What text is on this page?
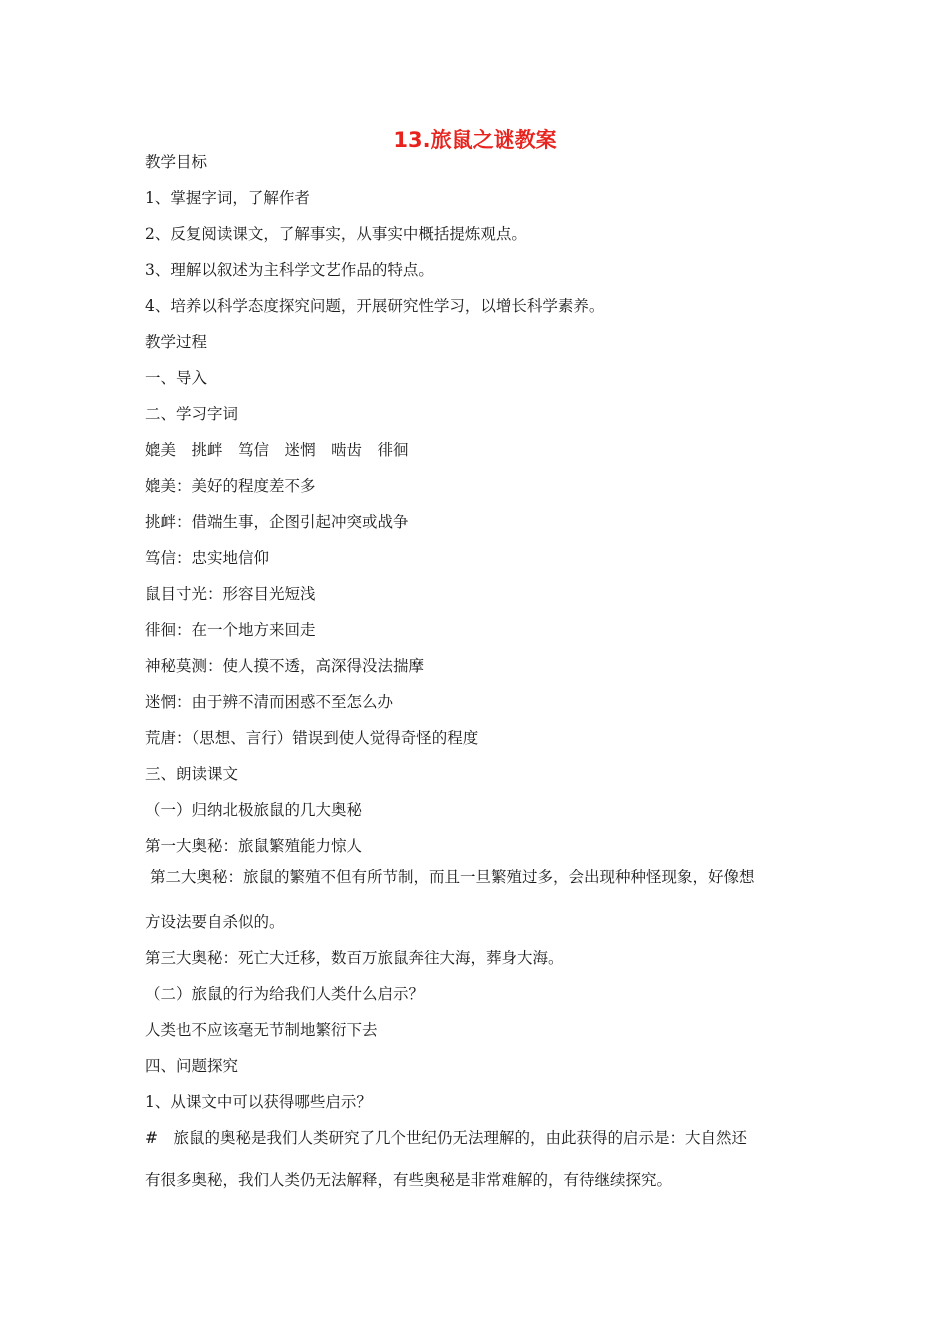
13.旅鼠之谜教案
教学目标
1、掌握字词，了解作者
2、反复阅读课文，了解事实，从事实中概括提炼观点。
3、理解以叙述为主科学文艺作品的特点。
4、培养以科学态度探究问题，开展研究性学习，以增长科学素养。
教学过程
一、导入
二、学习字词
媲美　挑衅　笃信　迷惘　啮齿　徘徊
媲美：美好的程度差不多
挑衅：借端生事，企图引起冲突或战争
笃信：忠实地信仰
鼠目寸光：形容目光短浅
徘徊：在一个地方来回走
神秘莫测：使人摸不透，高深得没法揣摩
迷惘：由于辨不清而困惑不至怎么办
荒唐：（思想、言行）错误到使人觉得奇怪的程度
三、朗读课文
（一）归纳北极旅鼠的几大奥秘
第一大奥秘：旅鼠繁殖能力惊人
第二大奥秘：旅鼠的繁殖不但有所节制，而且一旦繁殖过多，会出现种种怪现象，好像想
方设法要自杀似的。
第三大奥秘：死亡大迁移，数百万旅鼠奔往大海，葬身大海。
（二）旅鼠的行为给我们人类什么启示？
人类也不应该毫无节制地繁衍下去
四、问题探究
1、从课文中可以获得哪些启示？
#　旅鼠的奥秘是我们人类研究了几个世纪仍无法理解的，由此获得的启示是：大自然还
有很多奥秘，我们人类仍无法解释，有些奥秘是非常难解的，有待继续探究。
